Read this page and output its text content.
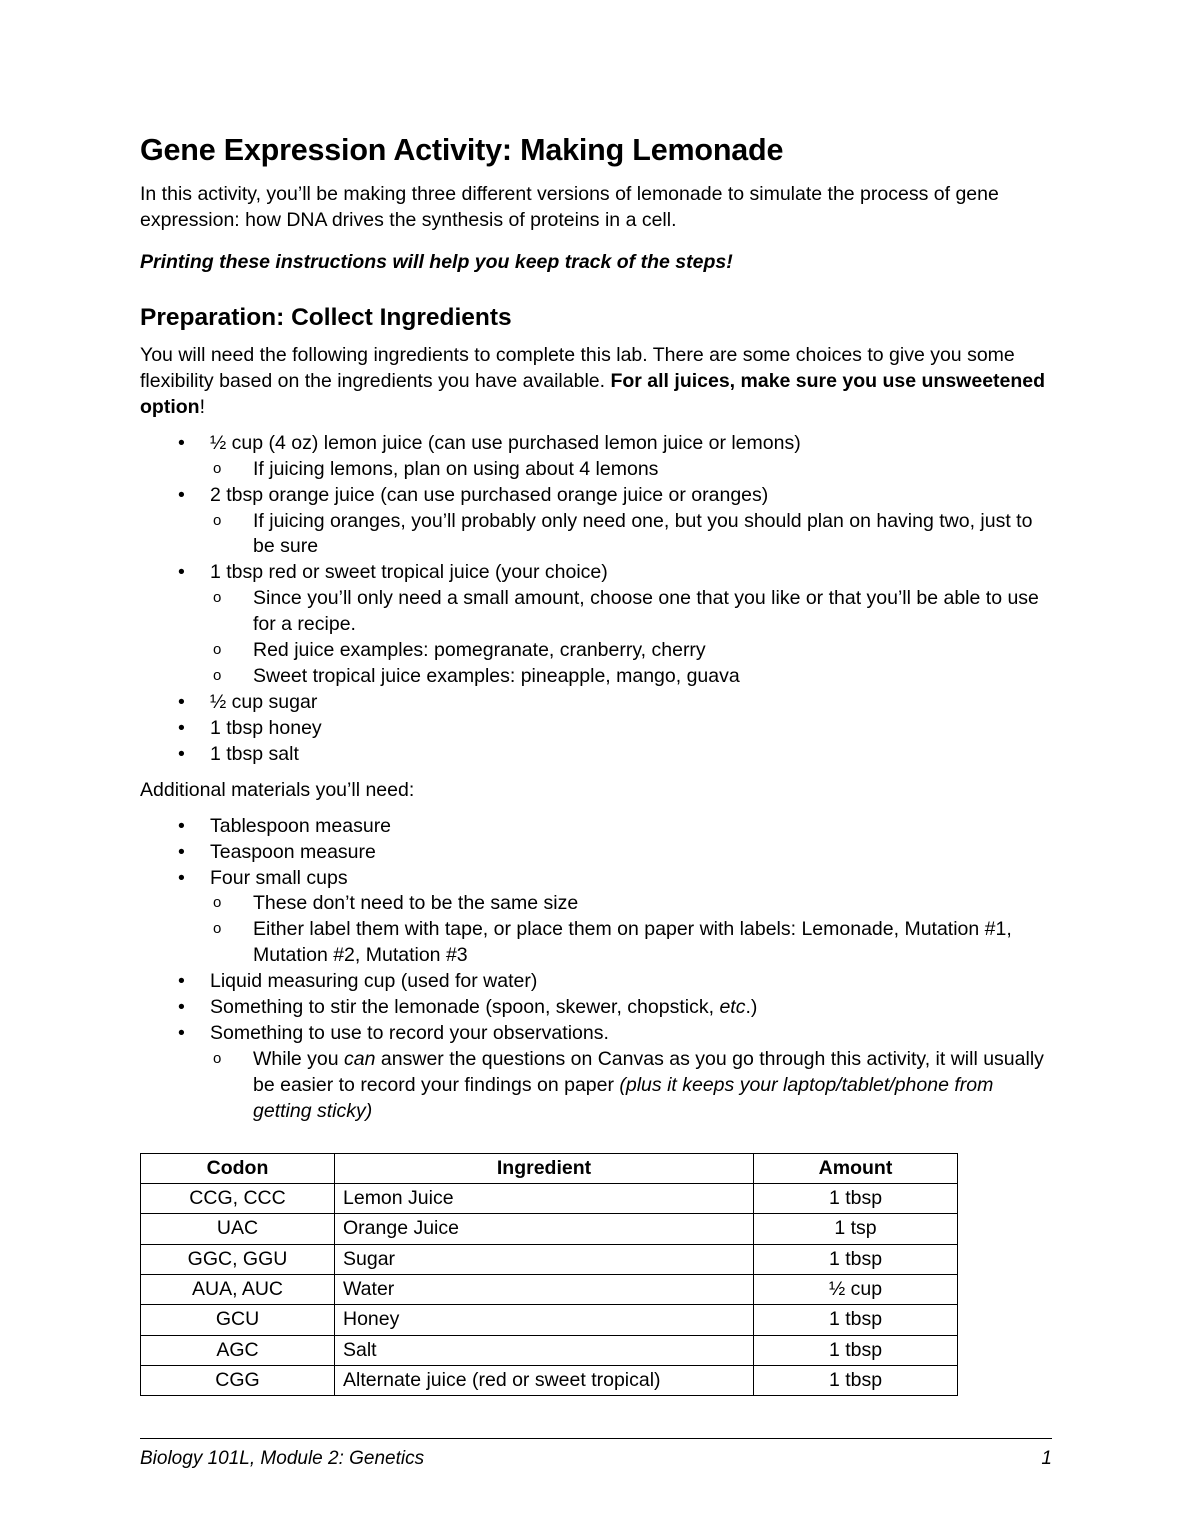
Gene Expression Activity: Making Lemonade

In this activity, you’ll be making three different versions of lemonade to simulate the process of gene expression: how DNA drives the synthesis of proteins in a cell.

Printing these instructions will help you keep track of the steps!

Preparation: Collect Ingredients

You will need the following ingredients to complete this lab. There are some choices to give you some flexibility based on the ingredients you have available. For all juices, make sure you use unsweetened option!

• ½ cup (4 oz) lemon juice (can use purchased lemon juice or lemons)
o If juicing lemons, plan on using about 4 lemons
• 2 tbsp orange juice (can use purchased orange juice or oranges)
o If juicing oranges, you’ll probably only need one, but you should plan on having two, just to be sure
• 1 tbsp red or sweet tropical juice (your choice)
o Since you’ll only need a small amount, choose one that you like or that you’ll be able to use for a recipe.
o Red juice examples: pomegranate, cranberry, cherry
o Sweet tropical juice examples: pineapple, mango, guava
• ½ cup sugar
• 1 tbsp honey
• 1 tbsp salt

Additional materials you’ll need:

• Tablespoon measure
• Teaspoon measure
• Four small cups
o These don’t need to be the same size
o Either label them with tape, or place them on paper with labels: Lemonade, Mutation #1, Mutation #2, Mutation #3
• Liquid measuring cup (used for water)
• Something to stir the lemonade (spoon, skewer, chopstick, etc.)
• Something to use to record your observations.
o While you can answer the questions on Canvas as you go through this activity, it will usually be easier to record your findings on paper (plus it keeps your laptop/tablet/phone from getting sticky)
Codon	Ingredient	Amount
CCG, CCC	Lemon Juice	1 tbsp
UAC	Orange Juice	1 tsp
GGC, GGU	Sugar	1 tbsp
AUA, AUC	Water	½ cup
GCU	Honey	1 tbsp
AGC	Salt	1 tbsp
CGG	Alternate juice (red or sweet tropical)	1 tbsp
Biology 101L, Module 2: Genetics	1
